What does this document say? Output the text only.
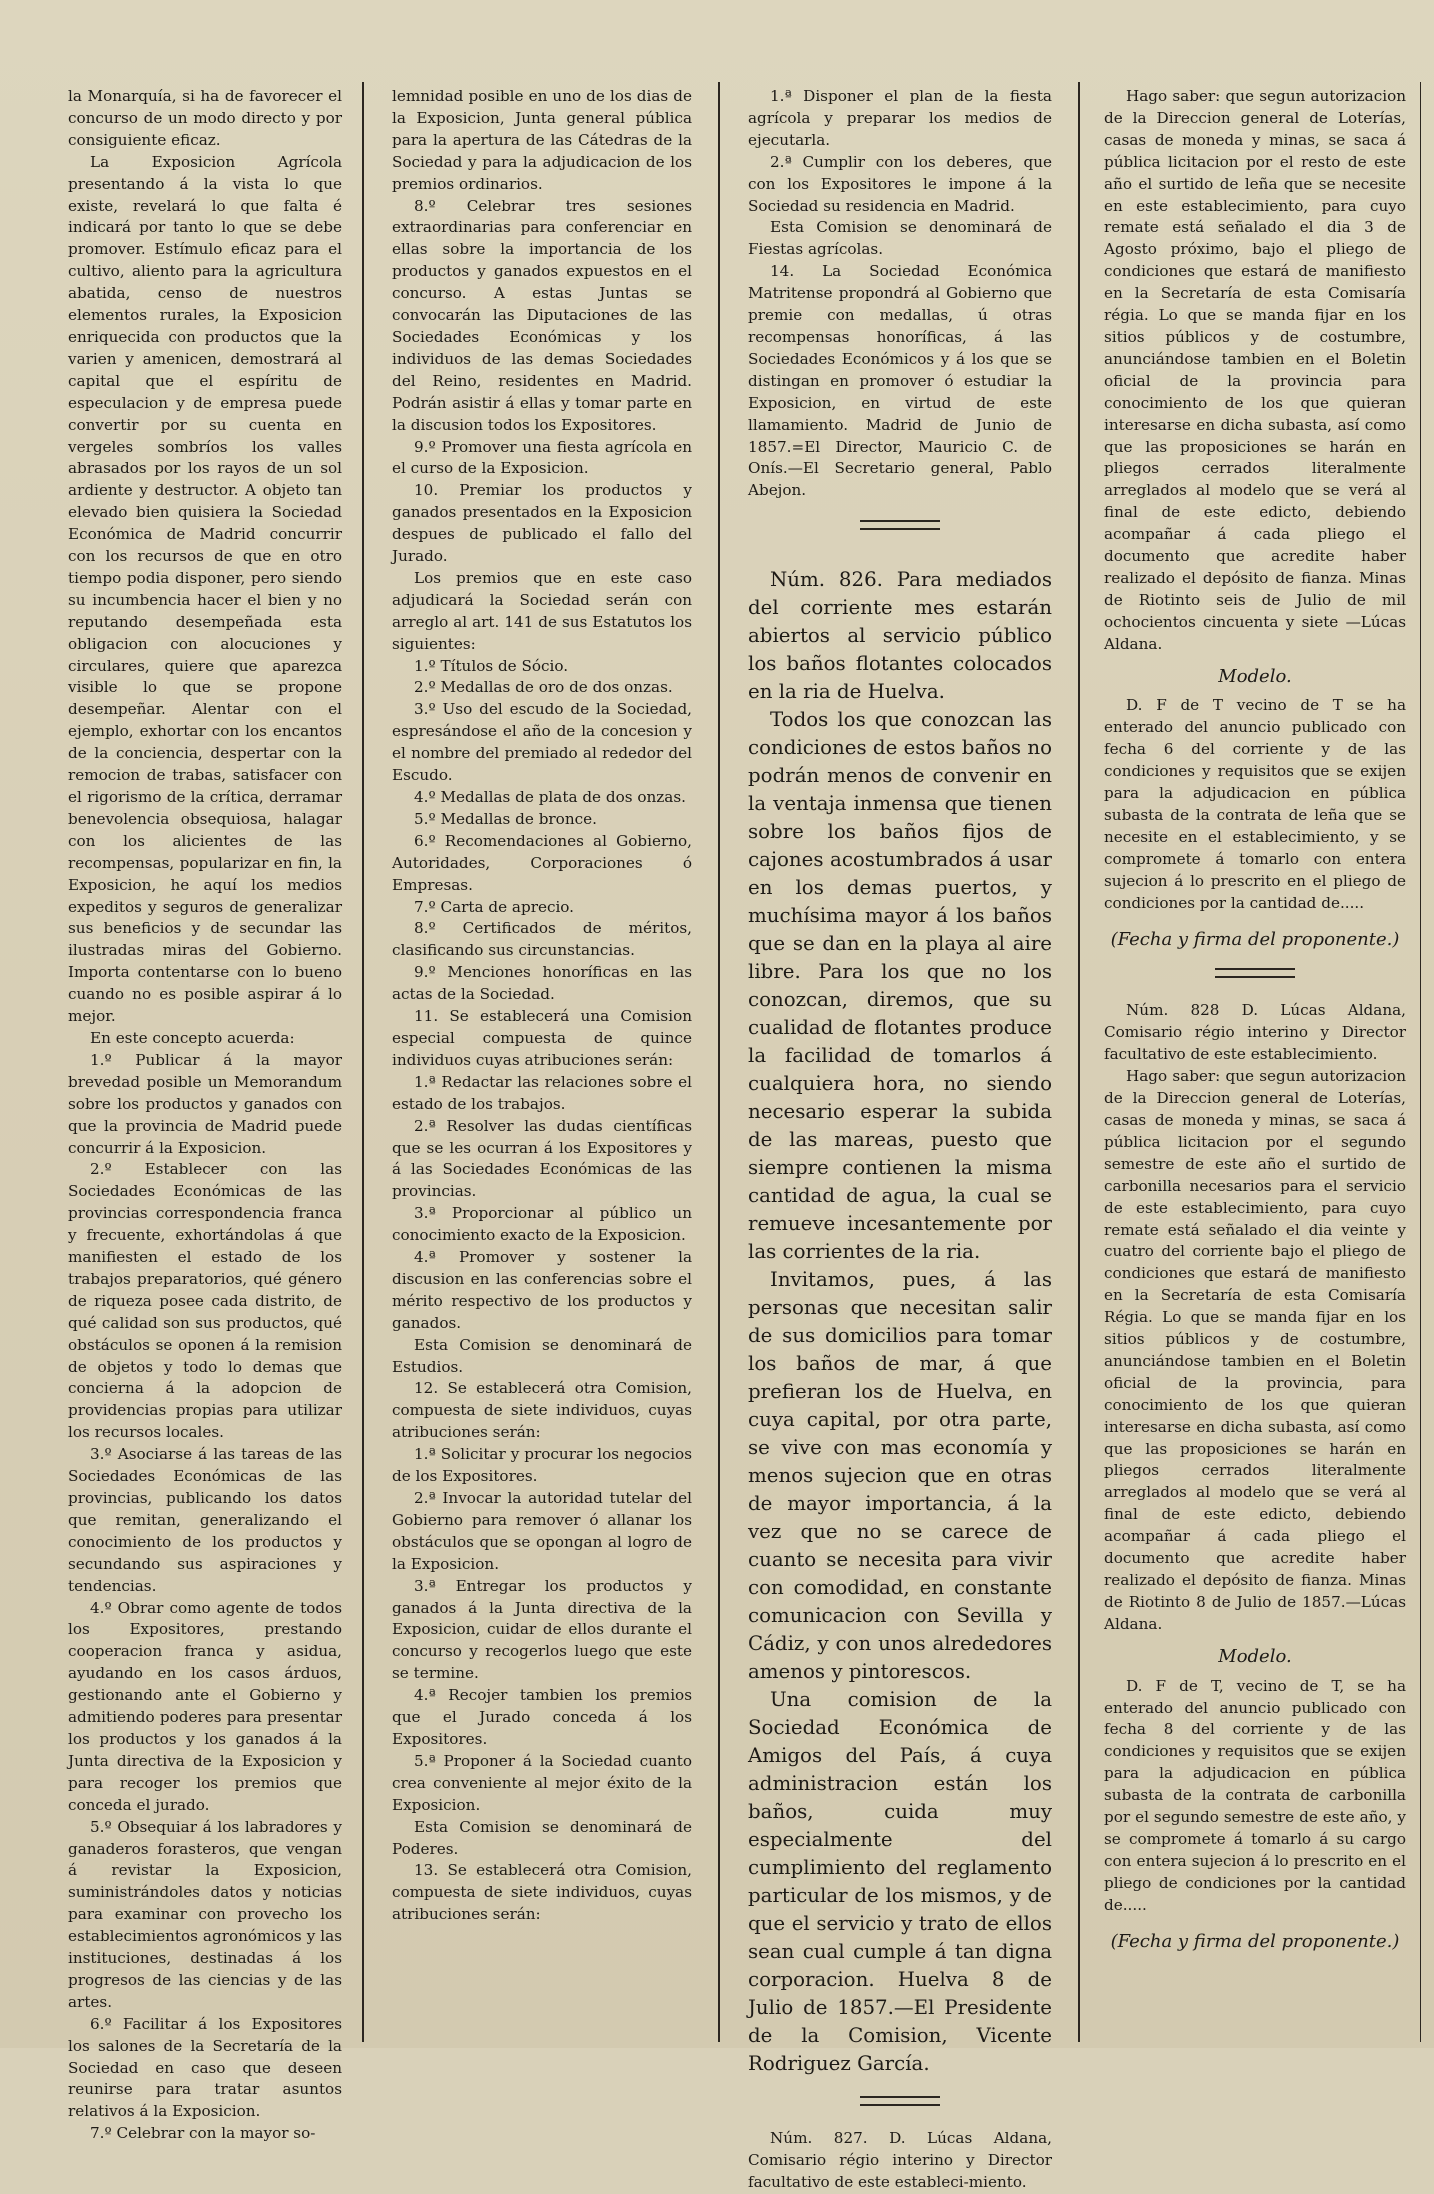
la Monarquía, si ha de favorecer el concurso de un modo directo y por consiguiente eficaz.

La Exposicion Agrícola presentando á la vista lo que existe, revelará lo que falta é indicará por tanto lo que se debe promover. Estímulo eficaz para el cultivo, aliento para la agricultura abatida, censo de nuestros elementos rurales, la Exposicion enriquecida con productos que la varien y amenicen, demostrará al capital que el espíritu de especulacion y de empresa puede convertir por su cuenta en vergeles sombríos los valles abrasados por los rayos de un sol ardiente y destructor. A objeto tan elevado bien quisiera la Sociedad Económica de Madrid concurrir con los recursos de que en otro tiempo podia disponer, pero siendo su incumbencia hacer el bien y no reputando desempeñada esta obligacion con alocuciones y circulares, quiere que aparezca visible lo que se propone desempeñar. Alentar con el ejemplo, exhortar con los encantos de la conciencia, despertar con la remocion de trabas, satisfacer con el rigorismo de la crítica, derramar benevolencia obsequiosa, halagar con los alicientes de las recompensas, popularizar en fin, la Exposicion, he aquí los medios expeditos y seguros de generalizar sus beneficios y de secundar las ilustradas miras del Gobierno. Importa contentarse con lo bueno cuando no es posible aspirar á lo mejor.

En este concepto acuerda:

1.º Publicar á la mayor brevedad posible un Memorandum sobre los productos y ganados con que la provincia de Madrid puede concurrir á la Exposicion.

2.º Establecer con las Sociedades Económicas de las provincias correspondencia franca y frecuente, exhortándolas á que manifiesten el estado de los trabajos preparatorios, qué género de riqueza posee cada distrito, de qué calidad son sus productos, qué obstáculos se oponen á la remision de objetos y todo lo demas que concierna á la adopcion de providencias propias para utilizar los recursos locales.

3.º Asociarse á las tareas de las Sociedades Económicas de las provincias, publicando los datos que remitan, generalizando el conocimiento de los productos y secundando sus aspiraciones y tendencias.

4.º Obrar como agente de todos los Expositores, prestando cooperacion franca y asidua, ayudando en los casos árduos, gestionando ante el Gobierno y admitiendo poderes para presentar los productos y los ganados á la Junta directiva de la Exposicion y para recoger los premios que conceda el jurado.

5.º Obsequiar á los labradores y ganaderos forasteros, que vengan á revistar la Exposicion, suministrándoles datos y noticias para examinar con provecho los establecimientos agronómicos y las instituciones, destinadas á los progresos de las ciencias y de las artes.

6.º Facilitar á los Expositores los salones de la Secretaría de la Sociedad en caso que deseen reunirse para tratar asuntos relativos á la Exposicion.

7.º Celebrar con la mayor so-

lemnidad posible en uno de los dias de la Exposicion, Junta general pública para la apertura de las Cátedras de la Sociedad y para la adjudicacion de los premios ordinarios.

8.º Celebrar tres sesiones extraordinarias para conferenciar en ellas sobre la importancia de los productos y ganados expuestos en el concurso. A estas Juntas se convocarán las Diputaciones de las Sociedades Económicas y los individuos de las demas Sociedades del Reino, residentes en Madrid. Podrán asistir á ellas y tomar parte en la discusion todos los Expositores.

9.º Promover una fiesta agrícola en el curso de la Exposicion.

10. Premiar los productos y ganados presentados en la Exposicion despues de publicado el fallo del Jurado.

Los premios que en este caso adjudicará la Sociedad serán con arreglo al art. 141 de sus Estatutos los siguientes:

1.º Títulos de Sócio.

2.º Medallas de oro de dos onzas.

3.º Uso del escudo de la Sociedad, espresándose el año de la concesion y el nombre del premiado al rededor del Escudo.

4.º Medallas de plata de dos onzas.

5.º Medallas de bronce.

6.º Recomendaciones al Gobierno, Autoridades, Corporaciones ó Empresas.

7.º Carta de aprecio.

8.º Certificados de méritos, clasificando sus circunstancias.

9.º Menciones honoríficas en las actas de la Sociedad.

11. Se establecerá una Comision especial compuesta de quince individuos cuyas atribuciones serán:

1.ª Redactar las relaciones sobre el estado de los trabajos.

2.ª Resolver las dudas científicas que se les ocurran á los Expositores y á las Sociedades Económicas de las provincias.

3.ª Proporcionar al público un conocimiento exacto de la Exposicion.

4.ª Promover y sostener la discusion en las conferencias sobre el mérito respectivo de los productos y ganados.

Esta Comision se denominará de Estudios.

12. Se establecerá otra Comision, compuesta de siete individuos, cuyas atribuciones serán:

1.ª Solicitar y procurar los negocios de los Expositores.

2.ª Invocar la autoridad tutelar del Gobierno para remover ó allanar los obstáculos que se opongan al logro de la Exposicion.

3.ª Entregar los productos y ganados á la Junta directiva de la Exposicion, cuidar de ellos durante el concurso y recogerlos luego que este se termine.

4.ª Recojer tambien los premios que el Jurado conceda á los Expositores.

5.ª Proponer á la Sociedad cuanto crea conveniente al mejor éxito de la Exposicion.

Esta Comision se denominará de Poderes.

13. Se establecerá otra Comision, compuesta de siete individuos, cuyas atribuciones serán:

1.ª Disponer el plan de la fiesta agrícola y preparar los medios de ejecutarla.

2.ª Cumplir con los deberes, que con los Expositores le impone á la Sociedad su residencia en Madrid.

Esta Comision se denominará de Fiestas agrícolas.

14. La Sociedad Económica Matritense propondrá al Gobierno que premie con medallas, ú otras recompensas honoríficas, á las Sociedades Económicos y á los que se distingan en promover ó estudiar la Exposicion, en virtud de este llamamiento. Madrid de Junio de 1857.=El Director, Mauricio C. de Onís.—El Secretario general, Pablo Abejon.

Núm. 826. Para mediados del corriente mes estarán abiertos al servicio público los baños flotantes colocados en la ria de Huelva.

Todos los que conozcan las condiciones de estos baños no podrán menos de convenir en la ventaja inmensa que tienen sobre los baños fijos de cajones acostumbrados á usar en los demas puertos, y muchísima mayor á los baños que se dan en la playa al aire libre. Para los que no los conozcan, diremos, que su cualidad de flotantes produce la facilidad de tomarlos á cualquiera hora, no siendo necesario esperar la subida de las mareas, puesto que siempre contienen la misma cantidad de agua, la cual se remueve incesantemente por las corrientes de la ria.

Invitamos, pues, á las personas que necesitan salir de sus domicilios para tomar los baños de mar, á que prefieran los de Huelva, en cuya capital, por otra parte, se vive con mas economía y menos sujecion que en otras de mayor importancia, á la vez que no se carece de cuanto se necesita para vivir con comodidad, en constante comunicacion con Sevilla y Cádiz, y con unos alrededores amenos y pintorescos.

Una comision de la Sociedad Económica de Amigos del País, á cuya administracion están los baños, cuida muy especialmente del cumplimiento del reglamento particular de los mismos, y de que el servicio y trato de ellos sean cual cumple á tan digna corporacion. Huelva 8 de Julio de 1857.—El Presidente de la Comision, Vicente Rodriguez García.

Núm. 827. D. Lúcas Aldana, Comisario régio interino y Director facultativo de este estableci-miento.

Hago saber: que segun autorizacion de la Direccion general de Loterías, casas de moneda y minas, se saca á pública licitacion por el resto de este año el surtido de leña que se necesite en este establecimiento, para cuyo remate está señalado el dia 3 de Agosto próximo, bajo el pliego de condiciones que estará de manifiesto en la Secretaría de esta Comisaría régia. Lo que se manda fijar en los sitios públicos y de costumbre, anunciándose tambien en el Boletin oficial de la provincia para conocimiento de los que quieran interesarse en dicha subasta, así como que las proposiciones se harán en pliegos cerrados literalmente arreglados al modelo que se verá al final de este edicto, debiendo acompañar á cada pliego el documento que acredite haber realizado el depósito de fianza. Minas de Riotinto seis de Julio de mil ochocientos cincuenta y siete —Lúcas Aldana.

Modelo.

D. F de T vecino de T se ha enterado del anuncio publicado con fecha 6 del corriente y de las condiciones y requisitos que se exijen para la adjudicacion en pública subasta de la contrata de leña que se necesite en el establecimiento, y se compromete á tomarlo con entera sujecion á lo prescrito en el pliego de condiciones por la cantidad de.....

(Fecha y firma del proponente.)

Núm. 828 D. Lúcas Aldana, Comisario régio interino y Director facultativo de este establecimiento.

Hago saber: que segun autorizacion de la Direccion general de Loterías, casas de moneda y minas, se saca á pública licitacion por el segundo semestre de este año el surtido de carbonilla necesarios para el servicio de este establecimiento, para cuyo remate está señalado el dia veinte y cuatro del corriente bajo el pliego de condiciones que estará de manifiesto en la Secretaría de esta Comisaría Régia. Lo que se manda fijar en los sitios públicos y de costumbre, anunciándose tambien en el Boletin oficial de la provincia, para conocimiento de los que quieran interesarse en dicha subasta, así como que las proposiciones se harán en pliegos cerrados literalmente arreglados al modelo que se verá al final de este edicto, debiendo acompañar á cada pliego el documento que acredite haber realizado el depósito de fianza. Minas de Riotinto 8 de Julio de 1857.—Lúcas Aldana.

Modelo.

D. F de T, vecino de T, se ha enterado del anuncio publicado con fecha 8 del corriente y de las condiciones y requisitos que se exijen para la adjudicacion en pública subasta de la contrata de carbonilla por el segundo semestre de este año, y se compromete á tomarlo á su cargo con entera sujecion á lo prescrito en el pliego de condiciones por la cantidad de.....

(Fecha y firma del proponente.)
